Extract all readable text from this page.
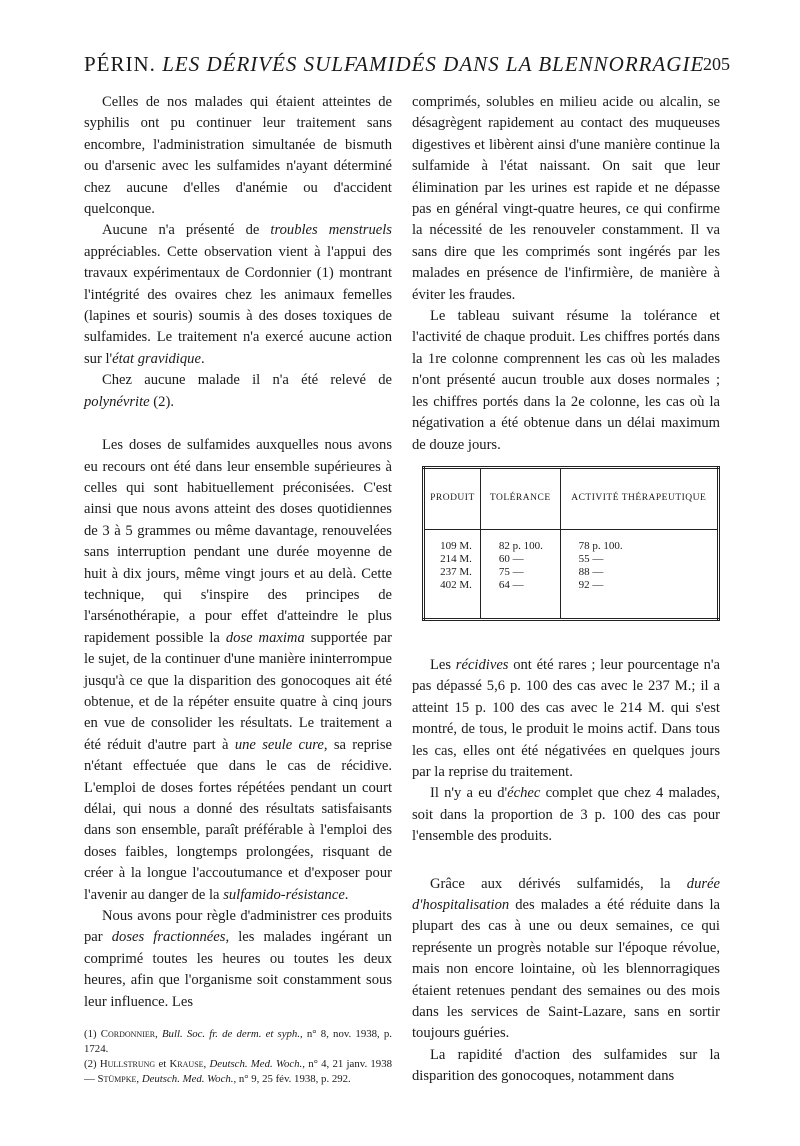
PÉRIN. LES DÉRIVÉS SULFAMIDÉS DANS LA BLENNORRAGIE
205

Celles de nos malades qui étaient atteintes de syphilis ont pu continuer leur traitement sans encombre, l'administration simultanée de bismuth ou d'arsenic avec les sulfamides n'ayant déterminé chez aucune d'elles d'anémie ou d'accident quelconque.

Aucune n'a présenté de troubles menstruels appréciables. Cette observation vient à l'appui des travaux expérimentaux de Cordonnier (1) montrant l'intégrité des ovaires chez les animaux femelles (lapines et souris) soumis à des doses toxiques de sulfamides. Le traitement n'a exercé aucune action sur l'état gravidique.

Chez aucune malade il n'a été relevé de polynévrite (2).

Les doses de sulfamides auxquelles nous avons eu recours ont été dans leur ensemble supérieures à celles qui sont habituellement préconisées. C'est ainsi que nous avons atteint des doses quotidiennes de 3 à 5 grammes ou même davantage, renouvelées sans interruption pendant une durée moyenne de huit à dix jours, même vingt jours et au delà. Cette technique, qui s'inspire des principes de l'arsénothérapie, a pour effet d'atteindre le plus rapidement possible la dose maxima supportée par le sujet, de la continuer d'une manière ininterrompue jusqu'à ce que la disparition des gonocoques ait été obtenue, et de la répéter ensuite quatre à cinq jours en vue de consolider les résultats. Le traitement a été réduit d'autre part à une seule cure, sa reprise n'étant effectuée que dans le cas de récidive. L'emploi de doses fortes répétées pendant un court délai, qui nous a donné des résultats satisfaisants dans son ensemble, paraît préférable à l'emploi des doses faibles, longtemps prolongées, risquant de créer à la longue l'accoutumance et d'exposer pour l'avenir au danger de la sulfamido-résistance.

Nous avons pour règle d'administrer ces produits par doses fractionnées, les malades ingérant un comprimé toutes les heures ou toutes les deux heures, afin que l'organisme soit constamment sous leur influence. Les

(1) Cordonnier, Bull. Soc. fr. de derm. et syph., n° 8, nov. 1938, p. 1724.

(2) Hullstrung et Krause, Deutsch. Med. Woch., n° 4, 21 janv. 1938 — Stümpke, Deutsch. Med. Woch., n° 9, 25 fév. 1938, p. 292.

comprimés, solubles en milieu acide ou alcalin, se désagrègent rapidement au contact des muqueuses digestives et libèrent ainsi d'une manière continue la sulfamide à l'état naissant. On sait que leur élimination par les urines est rapide et ne dépasse pas en général vingt-quatre heures, ce qui confirme la nécessité de les renouveler constamment. Il va sans dire que les comprimés sont ingérés par les malades en présence de l'infirmière, de manière à éviter les fraudes.

Le tableau suivant résume la tolérance et l'activité de chaque produit. Les chiffres portés dans la 1re colonne comprennent les cas où les malades n'ont présenté aucun trouble aux doses normales ; les chiffres portés dans la 2e colonne, les cas où la négativation a été obtenue dans un délai maximum de douze jours.

PRODUIT	TOLÉRANCE	ACTIVITÉ THÉRAPEUTIQUE
109 M.	82 p. 100.	78 p. 100.
214 M.	60 —	55 —
237 M.	75 —	88 —
402 M.	64 —	92 —

Les récidives ont été rares ; leur pourcentage n'a pas dépassé 5,6 p. 100 des cas avec le 237 M.; il a atteint 15 p. 100 des cas avec le 214 M. qui s'est montré, de tous, le produit le moins actif. Dans tous les cas, elles ont été négativées en quelques jours par la reprise du traitement.

Il n'y a eu d'échec complet que chez 4 malades, soit dans la proportion de 3 p. 100 des cas pour l'ensemble des produits.

Grâce aux dérivés sulfamidés, la durée d'hospitalisation des malades a été réduite dans la plupart des cas à une ou deux semaines, ce qui représente un progrès notable sur l'époque révolue, mais non encore lointaine, où les blennorragiques étaient retenues pendant des semaines ou des mois dans les services de Saint-Lazare, sans en sortir toujours guéries.

La rapidité d'action des sulfamides sur la disparition des gonocoques, notamment dans
